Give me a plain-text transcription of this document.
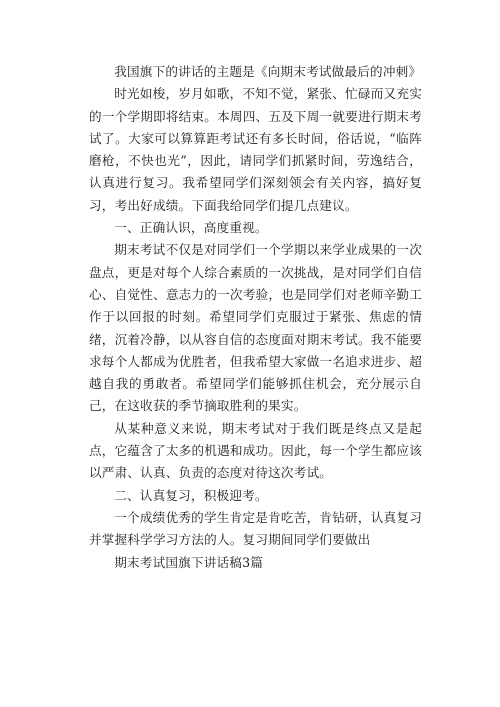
我国旗下的讲话的主题是《向期末考试做最后的冲刺》

时光如梭，岁月如歌，不知不觉，紧张、忙碌而又充实的一个学期即将结束。本周四、五及下周一就要进行期末考试了。大家可以算算距考试还有多长时间，俗话说，“临阵磨枪，不快也光”，因此，请同学们抓紧时间，劳逸结合，认真进行复习。我希望同学们深刻领会有关内容，搞好复习，考出好成绩。下面我给同学们提几点建议。

一、正确认识，高度重视。

期末考试不仅是对同学们一个学期以来学业成果的一次盘点，更是对每个人综合素质的一次挑战，是对同学们自信心、自觉性、意志力的一次考验，也是同学们对老师辛勤工作于以回报的时刻。希望同学们克服过于紧张、焦虑的情绪，沉着冷静，以从容自信的态度面对期末考试。我不能要求每个人都成为优胜者，但我希望大家做一名追求进步、超越自我的勇敢者。希望同学们能够抓住机会，充分展示自己，在这收获的季节摘取胜利的果实。

从某种意义来说，期末考试对于我们既是终点又是起点，它蕴含了太多的机遇和成功。因此，每一个学生都应该以严肃、认真、负责的态度对待这次考试。

二、认真复习，积极迎考。

一个成绩优秀的学生肯定是肯吃苦，肯钻研，认真复习并掌握科学学习方法的人。复习期间同学们要做出

期末考试国旗下讲话稿3篇
